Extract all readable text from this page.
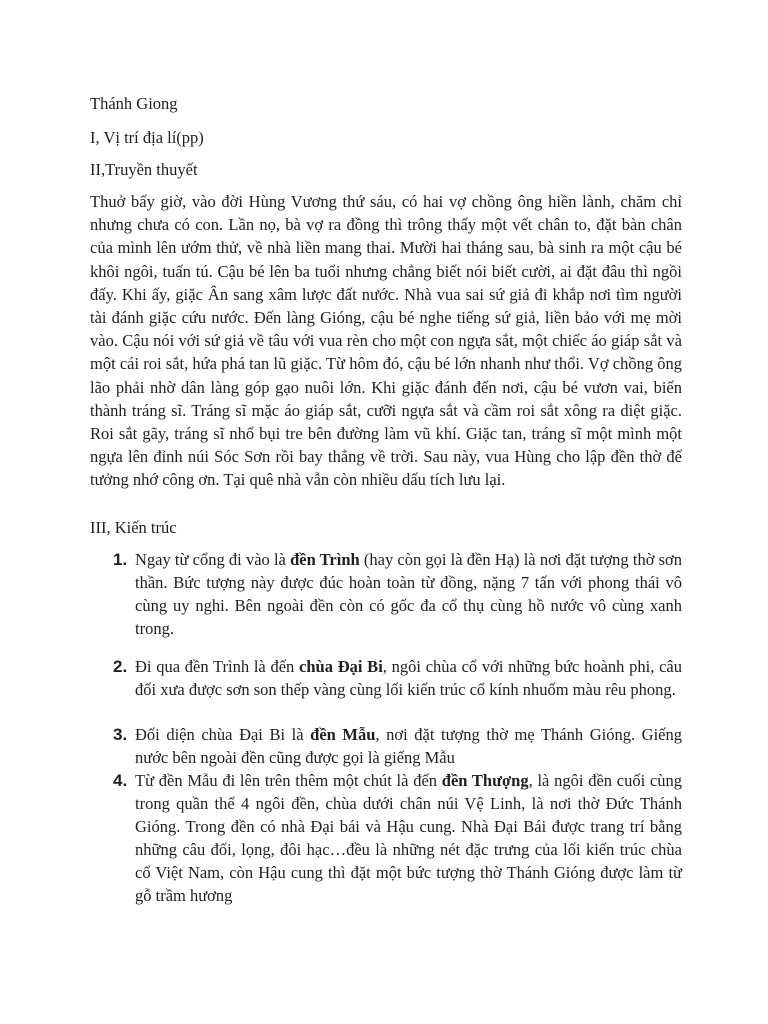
Thánh Giong

I, Vị trí địa lí(pp)

II,Truyền thuyết

Thuở bấy giờ, vào đời Hùng Vương thứ sáu, có hai vợ chồng ông hiền lành, chăm chỉ nhưng chưa có con. Lần nọ, bà vợ ra đồng thì trông thấy một vết chân to, đặt bàn chân của mình lên ướm thử, về nhà liền mang thai. Mười hai tháng sau, bà sinh ra một cậu bé khôi ngôi, tuấn tú. Cậu bé lên ba tuổi nhưng chẳng biết nói biết cười, ai đặt đâu thì ngồi đấy. Khi ấy, giặc Ân sang xâm lược đất nước. Nhà vua sai sứ giả đi khắp nơi tìm người tài đánh giặc cứu nước. Đến làng Gióng, cậu bé nghe tiếng sứ giả, liền bảo với mẹ mời vào. Cậu nói với sứ giả về tâu với vua rèn cho một con ngựa sắt, một chiếc áo giáp sắt và một cái roi sắt, hứa phá tan lũ giặc. Từ hôm đó, cậu bé lớn nhanh như thổi. Vợ chồng ông lão phải nhờ dân làng góp gạo nuôi lớn. Khi giặc đánh đến nơi, cậu bé vươn vai, biến thành tráng sĩ. Tráng sĩ mặc áo giáp sắt, cưỡi ngựa sắt và cầm roi sắt xông ra diệt giặc. Roi sắt gãy, tráng sĩ nhổ bụi tre bên đường làm vũ khí. Giặc tan, tráng sĩ một mình một ngựa lên đỉnh núi Sóc Sơn rồi bay thẳng về trời. Sau này, vua Hùng cho lập đền thờ để tưởng nhớ công ơn. Tại quê nhà vẫn còn nhiều dấu tích lưu lại.

III, Kiến trúc

1. Ngay từ cổng đi vào là đền Trình (hay còn gọi là đền Hạ) là nơi đặt tượng thờ sơn thần. Bức tượng này được đúc hoàn toàn từ đồng, nặng 7 tấn với phong thái vô cùng uy nghi. Bên ngoài đền còn có gốc đa cổ thụ cùng hồ nước vô cùng xanh trong.
2. Đi qua đền Trình là đến chùa Đại Bi, ngôi chùa cổ với những bức hoành phi, câu đối xưa được sơn son thếp vàng cùng lối kiến trúc cổ kính nhuốm màu rêu phong.
3. Đối diện chùa Đại Bi là đền Mẫu, nơi đặt tượng thờ mẹ Thánh Gióng. Giếng nước bên ngoài đền cũng được gọi là giếng Mẫu
4. Từ đền Mẫu đi lên trên thêm một chút là đến đền Thượng, là ngôi đền cuối cùng trong quần thể 4 ngôi đền, chùa dưới chân núi Vệ Linh, là nơi thờ Đức Thánh Gióng. Trong đền có nhà Đại bái và Hậu cung. Nhà Đại Bái được trang trí bằng những câu đối, lọng, đôi hạc…đều là những nét đặc trưng của lối kiến trúc chùa cổ Việt Nam, còn Hậu cung thì đặt một bức tượng thờ Thánh Gióng được làm từ gỗ trầm hương
